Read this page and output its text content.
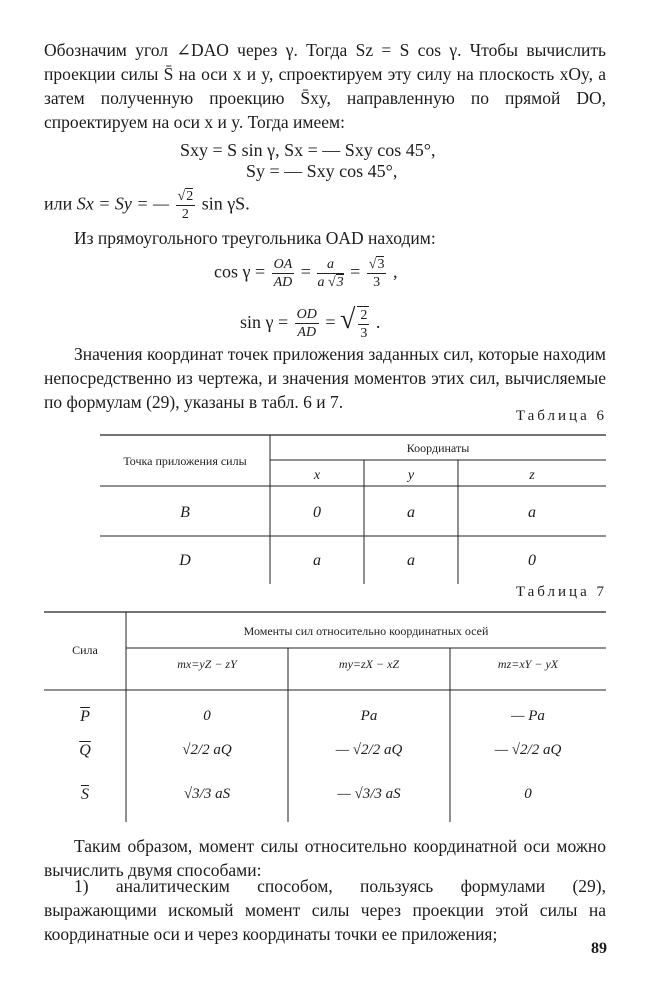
Обозначим угол ∠DAO через γ. Тогда Sz = S cos γ. Чтобы вычислить проекции силы S̄ на оси x и y, спроектируем эту силу на плоскость xOy, а затем полученную проекцию S̄xy, направленную по прямой DO, спроектируем на оси x и y. Тогда имеем:
Sxy = S sin γ, Sx = — Sxy cos 45°,
Sy = — Sxy cos 45°,
или Sx = Sy = — $\frac{√2}{2}$ sin γS.
Из прямоугольного треугольника OAD находим:
$\cos \gamma = \frac{OA}{AD} = \frac{a}{a √3} = \frac{√3}{3}$ ,
$\sin \gamma = \frac{OD}{AD}$ = √ $\frac{2}{3}$ .
Значения координат точек приложения заданных сил, которые находим непосредственно из чертежа, и значения моментов этих сил, вычисляемые по формулам (29), указаны в табл. 6 и 7.
Таблица 6
Точка приложения силы
Координаты
x	y	z
B	0	a	a
D	a	a	0
Таблица 7
Сила
Моменты сил относительно координатных осей
mx=yZ − zY	my=zX − xZ	mz=xY − yX
$\overline{P}$	0	Pa	— Pa
$\overline{Q}$	√2/2 aQ	— √2/2 aQ	— √2/2 aQ
$\overline{S}$	√3/3 aS	— √3/3 aS	0
Таким образом, момент силы относительно координатной оси можно вычислить двумя способами:
1) аналитическим способом, пользуясь формулами (29), выражающими искомый момент силы через проекции этой силы на координатные оси и через координаты точки ее приложения;
89
